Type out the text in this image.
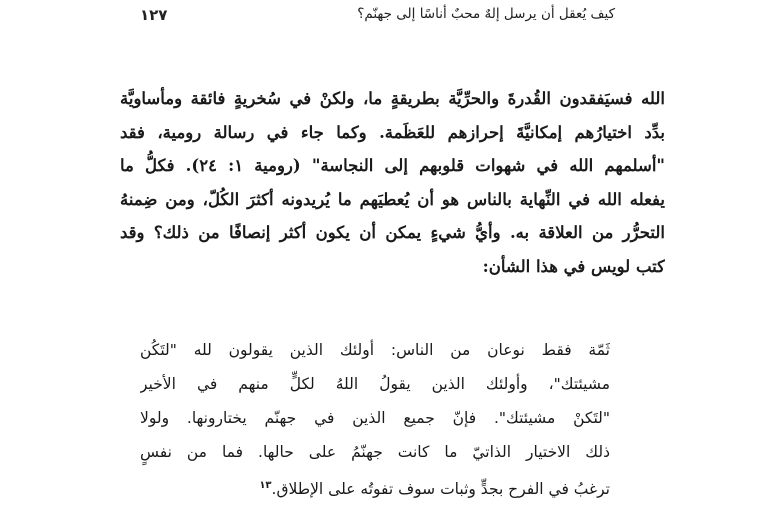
١٢٧	كيف يُعقل أن يرسل إلهٌ محبٌ أناسًا إلى جهنّم؟
الله فسيَفقدون القُدرةَ والحرِّيَّة بطريقةٍ ما، ولكنْ في سُخريةٍ فائقة ومأساويَّة
بدِّد اختيارُهم إمكانيَّةَ إحرازهم للعَظَمة. وكما جاء في رسالة رومية، فقد
"أسلمهم الله في شهوات قلوبهم إلى النجاسة" (رومية ١: ٢٤). فكلُّ ما
يفعله الله في النِّهاية بالناس هو أن يُعطيَهم ما يُريدونه أكثرَ الكُلّ، ومن ضِمنهُ
التحرُّر من العلاقة به. وأيُّ شيءٍ يمكن أن يكون أكثر إنصافًا من ذلك؟ وقد
كتب لويس في هذا الشأن:
ثَمّة فقط نوعان من الناس: أولئك الذين يقولون لله "لتَكُن
مشيئتك"، وأولئك الذين يقولُ اللهُ لكلٍّ منهم في الأخير
"لتَكنْ مشيئتك". فإنّ جميع الذين في جهنّم يختارونها. ولولا
ذلك الاختيار الذاتيّ ما كانت جهنّمُ على حالها. فما من نفسٍ
ترغبُ في الفرح بجدٍّ وثبات سوف تفوتُه على الإطلاق.$^{١٣}$
